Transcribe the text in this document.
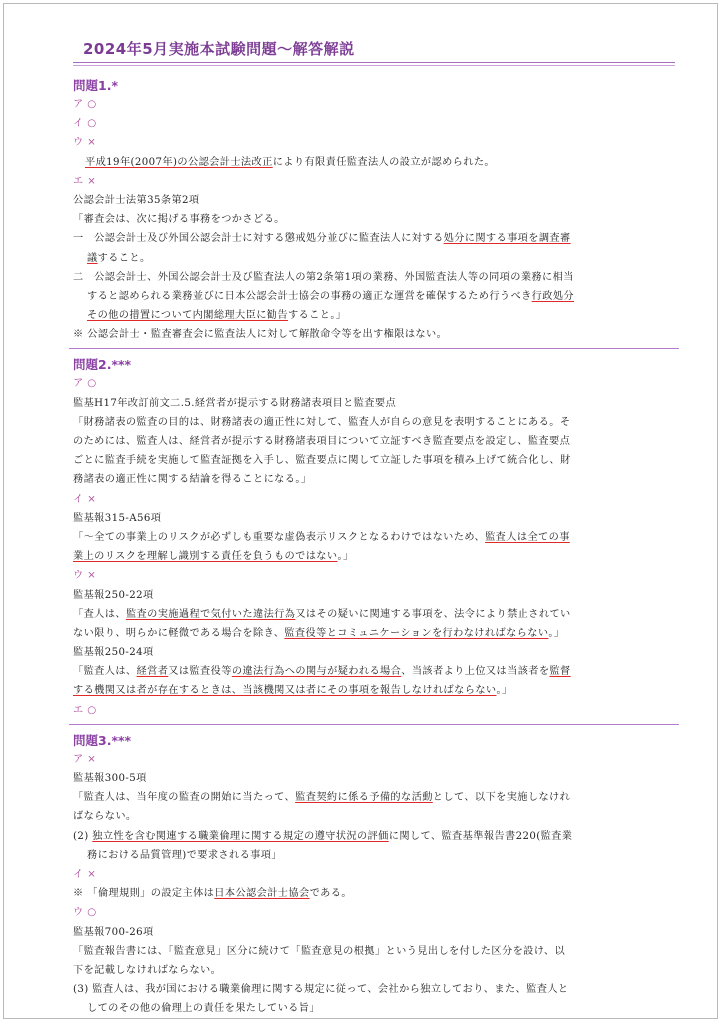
2024年5月実施本試験問題～解答解説
問題1.*
ア ○
イ ○
ウ ×
平成19年(2007年)の公認会計士法改正により有限責任監査法人の設立が認められた。
エ ×
公認会計士法第35条第2項
「審査会は、次に掲げる事務をつかさどる。
一　公認会計士及び外国公認会計士に対する懲戒処分並びに監査法人に対する処分に関する事項を調査審
議すること。
二　公認会計士、外国公認会計士及び監査法人の第2条第1項の業務、外国監査法人等の同項の業務に相当
すると認められる業務並びに日本公認会計士協会の事務の適正な運営を確保するため行うべき行政処分
その他の措置について内閣総理大臣に勧告すること。」
※ 公認会計士・監査審査会に監査法人に対して解散命令等を出す権限はない。
問題2.***
ア ○
監基H17年改訂前文二.5.経営者が提示する財務諸表項目と監査要点
「財務諸表の監査の目的は、財務諸表の適正性に対して、監査人が自らの意見を表明することにある。そ
のためには、監査人は、経営者が提示する財務諸表項目について立証すべき監査要点を設定し、監査要点
ごとに監査手続を実施して監査証拠を入手し、監査要点に関して立証した事項を積み上げて統合化し、財
務諸表の適正性に関する結論を得ることになる。」
イ ×
監基報315-A56項
「～全ての事業上のリスクが必ずしも重要な虚偽表示リスクとなるわけではないため、監査人は全ての事
業上のリスクを理解し識別する責任を負うものではない。」
ウ ×
監基報250-22項
「査人は、監査の実施過程で気付いた違法行為又はその疑いに関連する事項を、法令により禁止されてい
ない限り、明らかに軽微である場合を除き、監査役等とコミュニケーションを行わなければならない。」
監基報250-24項
「監査人は、経営者又は監査役等の違法行為への関与が疑われる場合、当該者より上位又は当該者を監督
する機関又は者が存在するときは、当該機関又は者にその事項を報告しなければならない。」
エ ○
問題3.***
ア ×
監基報300-5項
「監査人は、当年度の監査の開始に当たって、監査契約に係る予備的な活動として、以下を実施しなけれ
ばならない。
(2) 独立性を含む関連する職業倫理に関する規定の遵守状況の評価に関して、監査基準報告書220(監査業
務における品質管理)で要求される事項」
イ ×
※ 「倫理規則」の設定主体は日本公認会計士協会である。
ウ ○
監基報700-26項
「監査報告書には、「監査意見」区分に続けて「監査意見の根拠」という見出しを付した区分を設け、以
下を記載しなければならない。
(3) 監査人は、我が国における職業倫理に関する規定に従って、会社から独立しており、また、監査人と
してのその他の倫理上の責任を果たしている旨」
